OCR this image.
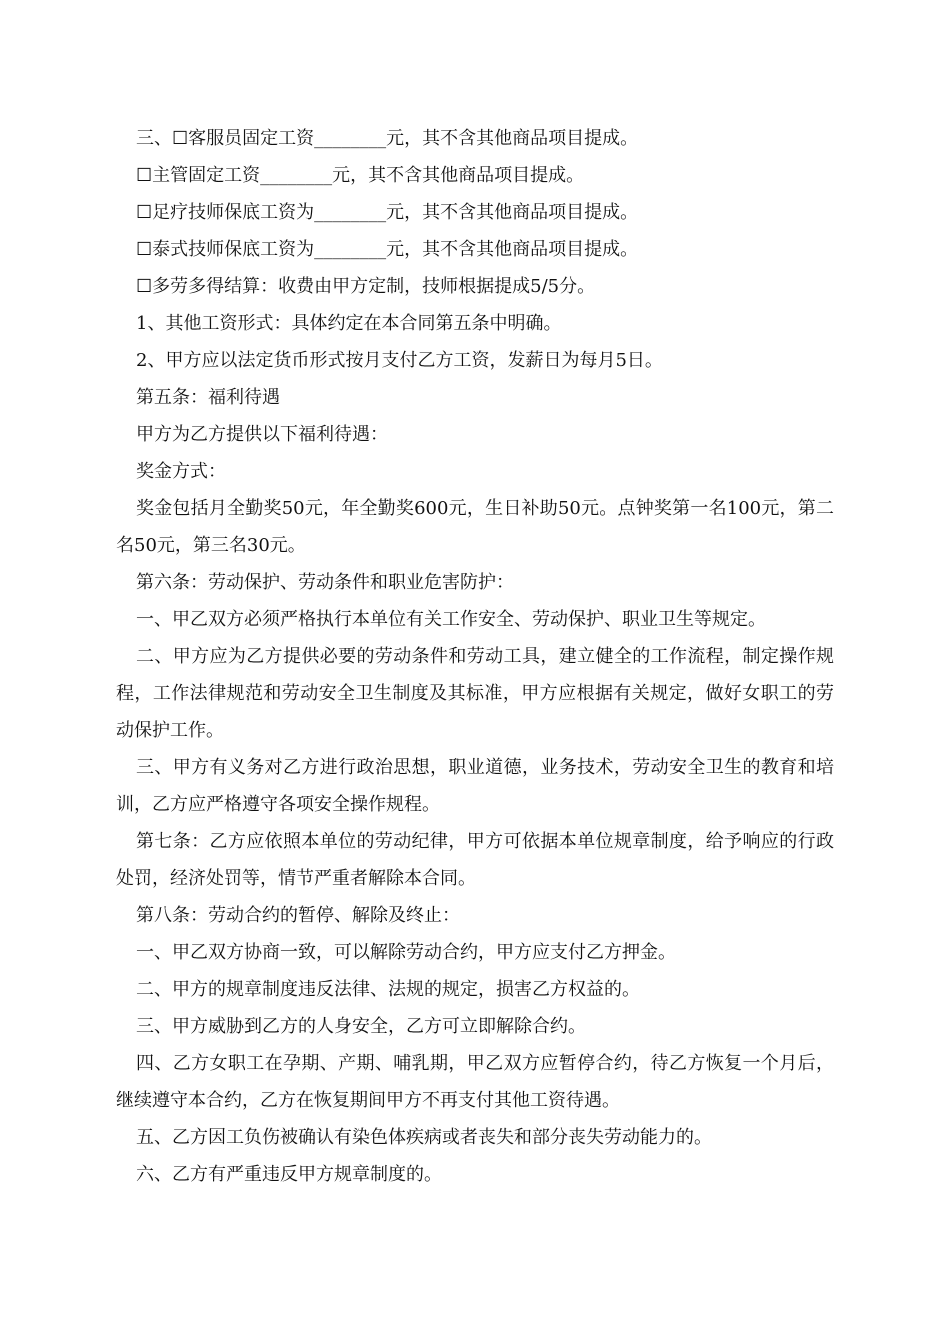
三、☐客服员固定工资________元，其不含其他商品项目提成。

☐主管固定工资________元，其不含其他商品项目提成。

☐足疗技师保底工资为________元，其不含其他商品项目提成。

☐泰式技师保底工资为________元，其不含其他商品项目提成。

☐多劳多得结算：收费由甲方定制，技师根据提成5/5分。

1、其他工资形式：具体约定在本合同第五条中明确。

2、甲方应以法定货币形式按月支付乙方工资，发薪日为每月5日。

第五条：福利待遇

甲方为乙方提供以下福利待遇：

奖金方式：

奖金包括月全勤奖50元，年全勤奖600元，生日补助50元。点钟奖第一名100元，第二名50元，第三名30元。

第六条：劳动保护、劳动条件和职业危害防护：

一、甲乙双方必须严格执行本单位有关工作安全、劳动保护、职业卫生等规定。

二、甲方应为乙方提供必要的劳动条件和劳动工具，建立健全的工作流程，制定操作规程，工作法律规范和劳动安全卫生制度及其标准，甲方应根据有关规定，做好女职工的劳动保护工作。

三、甲方有义务对乙方进行政治思想，职业道德，业务技术，劳动安全卫生的教育和培训，乙方应严格遵守各项安全操作规程。

第七条：乙方应依照本单位的劳动纪律，甲方可依据本单位规章制度，给予响应的行政处罚，经济处罚等，情节严重者解除本合同。

第八条：劳动合约的暂停、解除及终止：

一、甲乙双方协商一致，可以解除劳动合约，甲方应支付乙方押金。

二、甲方的规章制度违反法律、法规的规定，损害乙方权益的。

三、甲方威胁到乙方的人身安全，乙方可立即解除合约。

四、乙方女职工在孕期、产期、哺乳期，甲乙双方应暂停合约，待乙方恢复一个月后，继续遵守本合约，乙方在恢复期间甲方不再支付其他工资待遇。

五、乙方因工负伤被确认有染色体疾病或者丧失和部分丧失劳动能力的。

六、乙方有严重违反甲方规章制度的。
